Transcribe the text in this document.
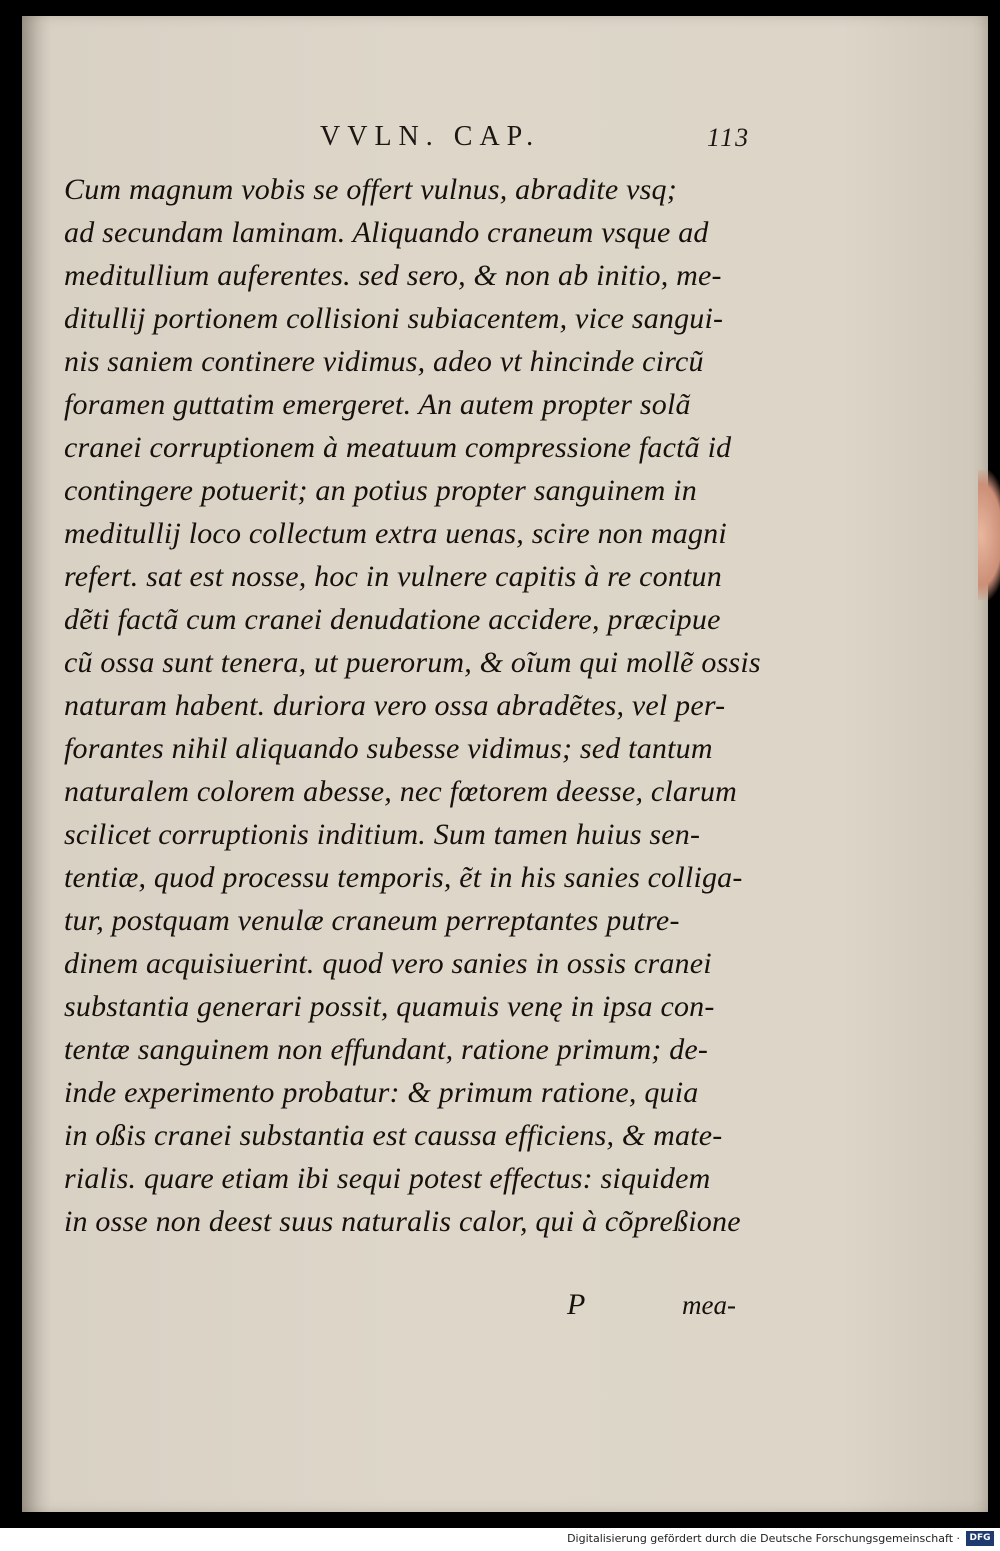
VVLN. CAP.	113
Cum magnum vobis se offert vulnus, abradite vsq;
ad secundam laminam. Aliquando craneum vsque ad
meditullium auferentes. sed sero, & non ab initio, me-
ditullij portionem collisioni subiacentem, vice sangui-
nis saniem continere vidimus, adeo vt hincinde circũ
foramen guttatim emergeret. An autem propter solã
cranei corruptionem à meatuum compressione factã id
contingere potuerit; an potius propter sanguinem in
meditullij loco collectum extra uenas, scire non magni
refert. sat est nosse, hoc in vulnere capitis à re contun
dẽti factã cum cranei denudatione accidere, præcipue
cũ ossa sunt tenera, ut puerorum, & oĩum qui mollẽ ossis
naturam habent. duriora vero ossa abradẽtes, vel per-
forantes nihil aliquando subesse vidimus; sed tantum
naturalem colorem abesse, nec fœtorem deesse, clarum
scilicet corruptionis inditium. Sum tamen huius sen-
tentiæ, quod processu temporis, ẽt in his sanies colliga-
tur, postquam venulæ craneum perreptantes putre-
dinem acquisiuerint. quod vero sanies in ossis cranei
substantia generari possit, quamuis venę in ipsa con-
tentæ sanguinem non effundant, ratione primum; de-
inde experimento probatur: & primum ratione, quia
in oßis cranei substantia est caussa efficiens, & mate-
rialis. quare etiam ibi sequi potest effectus: siquidem
in osse non deest suus naturalis calor, qui à cõpreßione
P	mea-
Digitalisierung gefördert durch die Deutsche Forschungsgemeinschaft ·	DFG
